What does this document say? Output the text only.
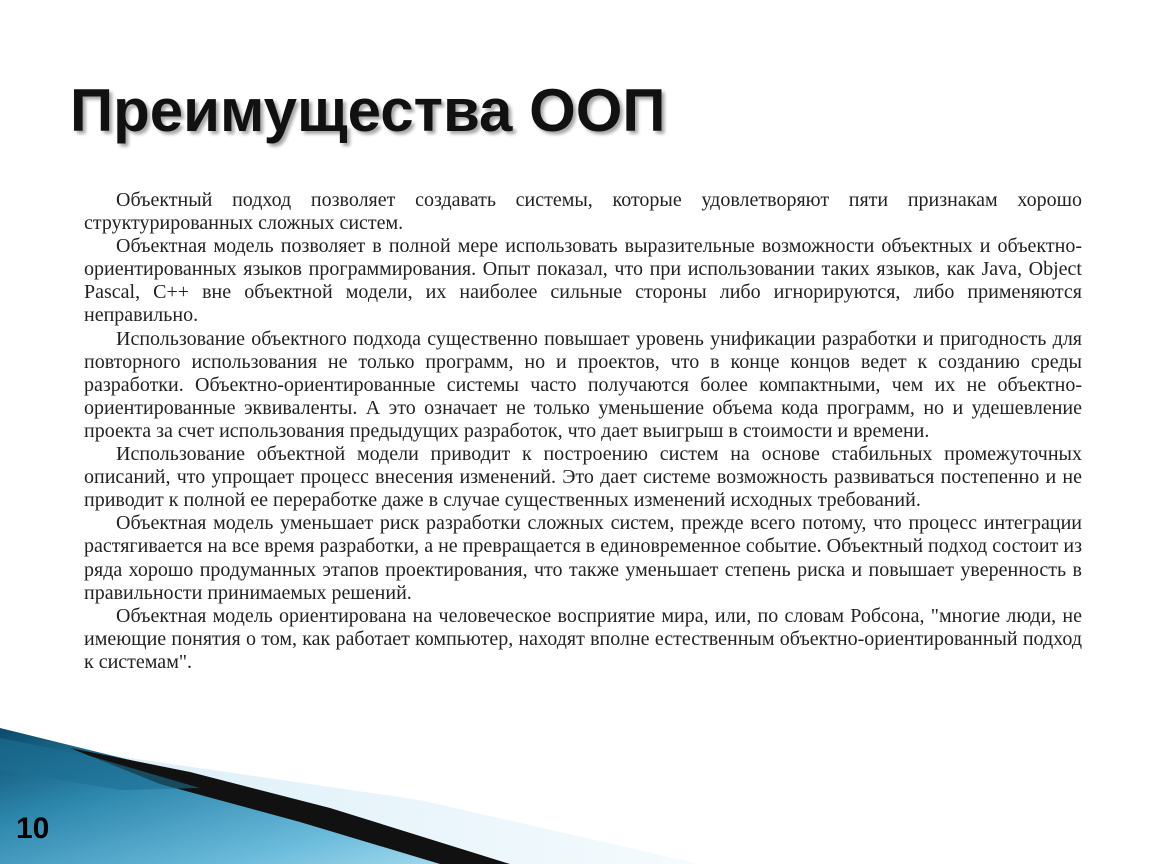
Преимущества ООП

Объектный подход позволяет создавать системы, которые удовлетворяют пяти признакам хорошо структурированных сложных систем.

Объектная модель позволяет в полной мере использовать выразительные возможности объектных и объектно-ориентированных языков программирования. Опыт показал, что при использовании таких языков, как Java, Object Pascal, С++ вне объектной модели, их наиболее сильные стороны либо игнорируются, либо применяются неправильно.

Использование объектного подхода существенно повышает уровень унификации разработки и пригодность для повторного использования не только программ, но и проектов, что в конце концов ведет к созданию среды разработки. Объектно-ориентированные системы часто получаются более компактными, чем их не объектно-ориентированные эквиваленты. А это означает не только уменьшение объема кода программ, но и удешевление проекта за счет использования предыдущих разработок, что дает выигрыш в стоимости и времени.

Использование объектной модели приводит к построению систем на основе стабильных промежуточных описаний, что упрощает процесс внесения изменений. Это дает системе возможность развиваться постепенно и не приводит к полной ее переработке даже в случае существенных изменений исходных требований.

Объектная модель уменьшает риск разработки сложных систем, прежде всего потому, что процесс интеграции растягивается на все время разработки, а не превращается в единовременное событие. Объектный подход состоит из ряда хорошо продуманных этапов проектирования, что также уменьшает степень риска и повышает уверенность в правильности принимаемых решений.

Объектная модель ориентирована на человеческое восприятие мира, или, по словам Робсона, "многие люди, не имеющие понятия о том, как работает компьютер, находят вполне естественным объектно-ориентированный подход к системам".

10
